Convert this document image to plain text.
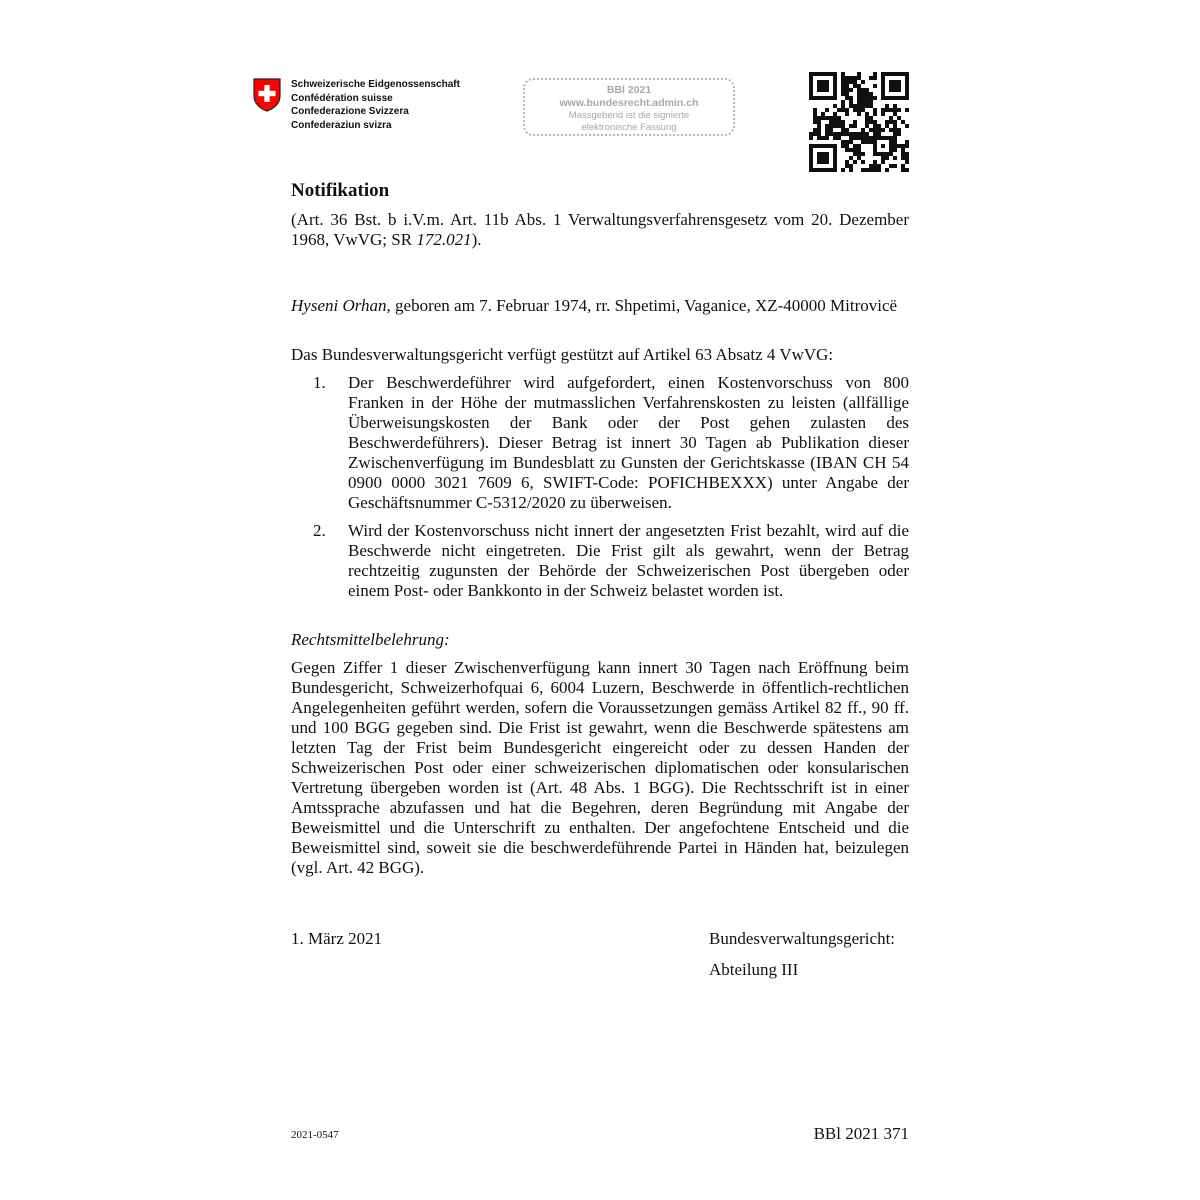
Schweizerische Eidgenossenschaft
Confédération suisse
Confederazione Svizzera
Confederaziun svizra
BBl 2021
www.bundesrecht.admin.ch
Massgebend ist die signierte
elektronische Fassung
Notifikation

(Art. 36 Bst. b i.V.m. Art. 11b Abs. 1 Verwaltungsverfahrensgesetz vom 20. Dezember 1968, VwVG; SR 172.021).

Hyseni Orhan, geboren am 7. Februar 1974, rr. Shpetimi, Vaganice, XZ-40000 Mitrovicë

Das Bundesverwaltungsgericht verfügt gestützt auf Artikel 63 Absatz 4 VwVG:

1. Der Beschwerdeführer wird aufgefordert, einen Kostenvorschuss von 800 Franken in der Höhe der mutmasslichen Verfahrenskosten zu leisten (allfällige Überweisungskosten der Bank oder der Post gehen zulasten des Beschwerdeführers). Dieser Betrag ist innert 30 Tagen ab Publikation dieser Zwischenverfügung im Bundesblatt zu Gunsten der Gerichtskasse (IBAN CH 54 0900 0000 3021 7609 6, SWIFT-Code: POFICHBEXXX) unter Angabe der Geschäftsnummer C-5312/2020 zu überweisen.
2. Wird der Kostenvorschuss nicht innert der angesetzten Frist bezahlt, wird auf die Beschwerde nicht eingetreten. Die Frist gilt als gewahrt, wenn der Betrag rechtzeitig zugunsten der Behörde der Schweizerischen Post übergeben oder einem Post- oder Bankkonto in der Schweiz belastet worden ist.
Rechtsmittelbelehrung:

Gegen Ziffer 1 dieser Zwischenverfügung kann innert 30 Tagen nach Eröffnung beim Bundesgericht, Schweizerhofquai 6, 6004 Luzern, Beschwerde in öffentlich-rechtlichen Angelegenheiten geführt werden, sofern die Voraussetzungen gemäss Artikel 82 ff., 90 ff. und 100 BGG gegeben sind. Die Frist ist gewahrt, wenn die Beschwerde spätestens am letzten Tag der Frist beim Bundesgericht eingereicht oder zu dessen Handen der Schweizerischen Post oder einer schweizerischen diplomatischen oder konsularischen Vertretung übergeben worden ist (Art. 48 Abs. 1 BGG). Die Rechtsschrift ist in einer Amtssprache abzufassen und hat die Begehren, deren Begründung mit Angabe der Beweismittel und die Unterschrift zu enthalten. Der angefochtene Entscheid und die Beweismittel sind, soweit sie die beschwerdeführende Partei in Händen hat, beizulegen (vgl. Art. 42 BGG).

1. März 2021	Bundesverwaltungsgericht:
Abteilung III
2021-0547	BBl 2021 371
